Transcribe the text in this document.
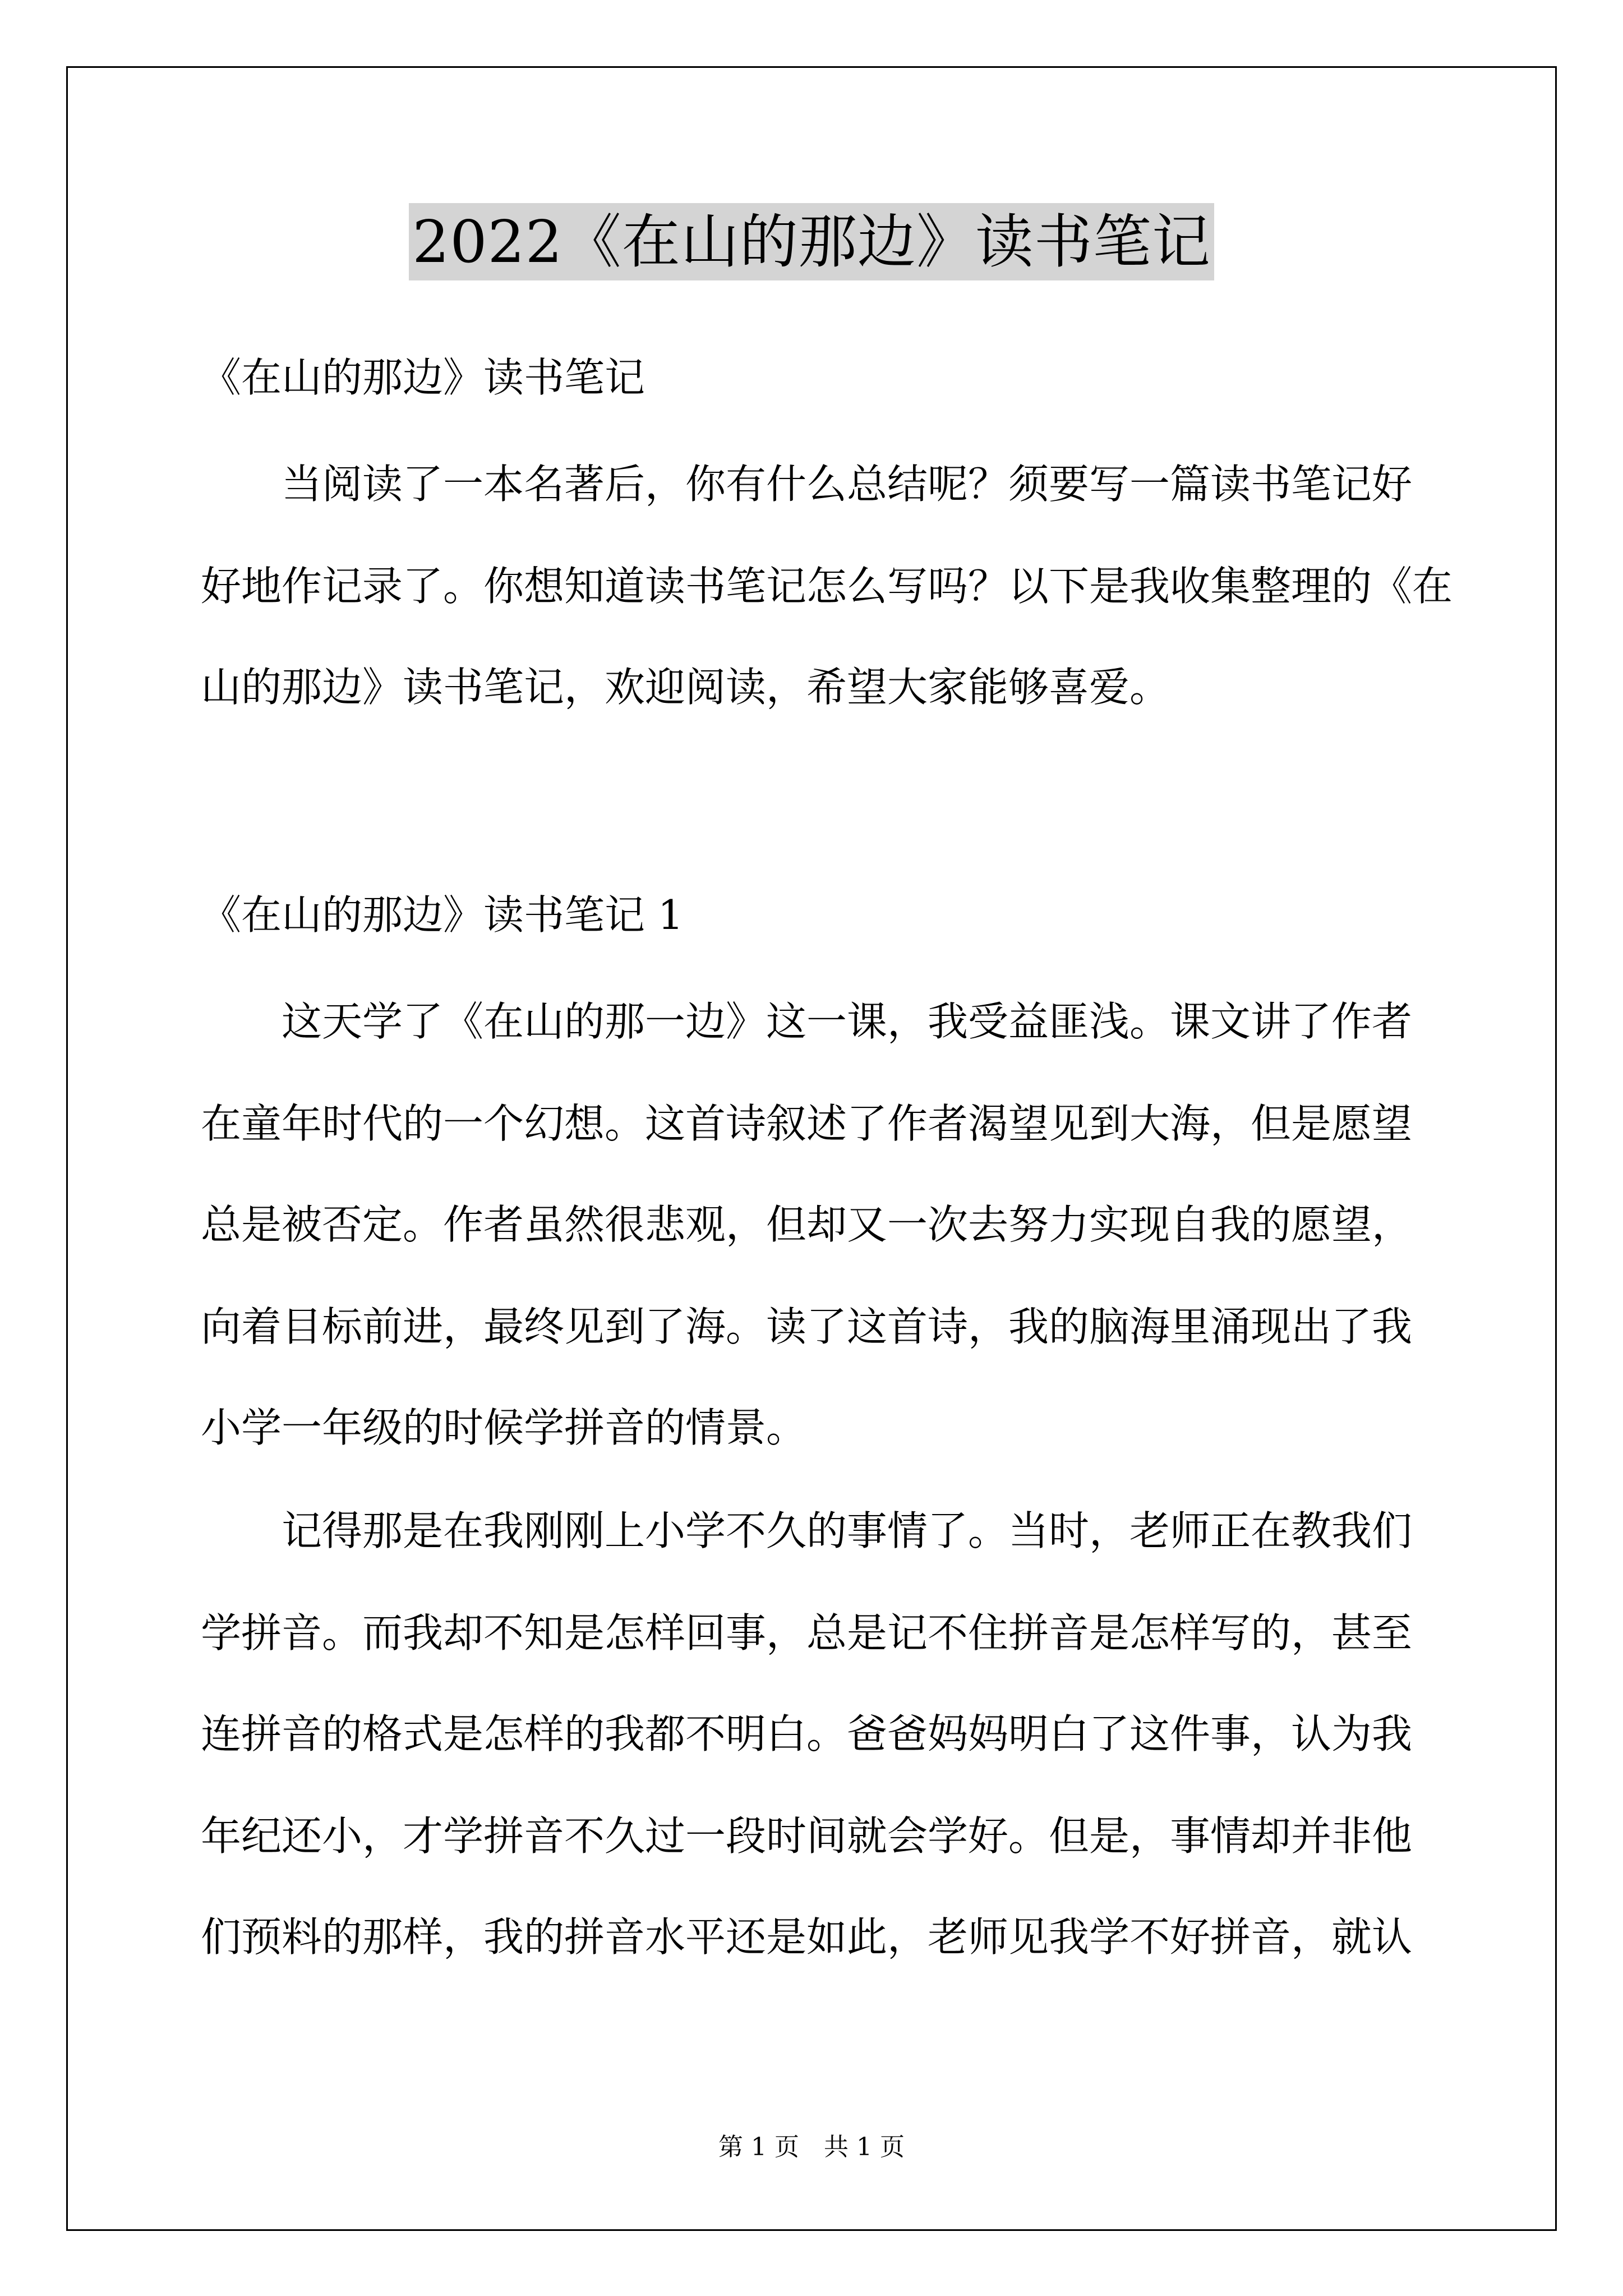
2022《在山的那边》读书笔记
《在山的那边》读书笔记
　　当阅读了一本名著后，你有什么总结呢？须要写一篇读书笔记好
好地作记录了。你想知道读书笔记怎么写吗？以下是我收集整理的《在
山的那边》读书笔记，欢迎阅读，希望大家能够喜爱。
《在山的那边》读书笔记 1
　　这天学了《在山的那一边》这一课，我受益匪浅。课文讲了作者
在童年时代的一个幻想。这首诗叙述了作者渴望见到大海，但是愿望
总是被否定。作者虽然很悲观，但却又一次去努力实现自我的愿望，
向着目标前进，最终见到了海。读了这首诗，我的脑海里涌现出了我
小学一年级的时候学拼音的情景。
　　记得那是在我刚刚上小学不久的事情了。当时，老师正在教我们
学拼音。而我却不知是怎样回事，总是记不住拼音是怎样写的，甚至
连拼音的格式是怎样的我都不明白。爸爸妈妈明白了这件事，认为我
年纪还小，才学拼音不久过一段时间就会学好。但是，事情却并非他
们预料的那样，我的拼音水平还是如此，老师见我学不好拼音，就认
第 1 页　共 1 页
